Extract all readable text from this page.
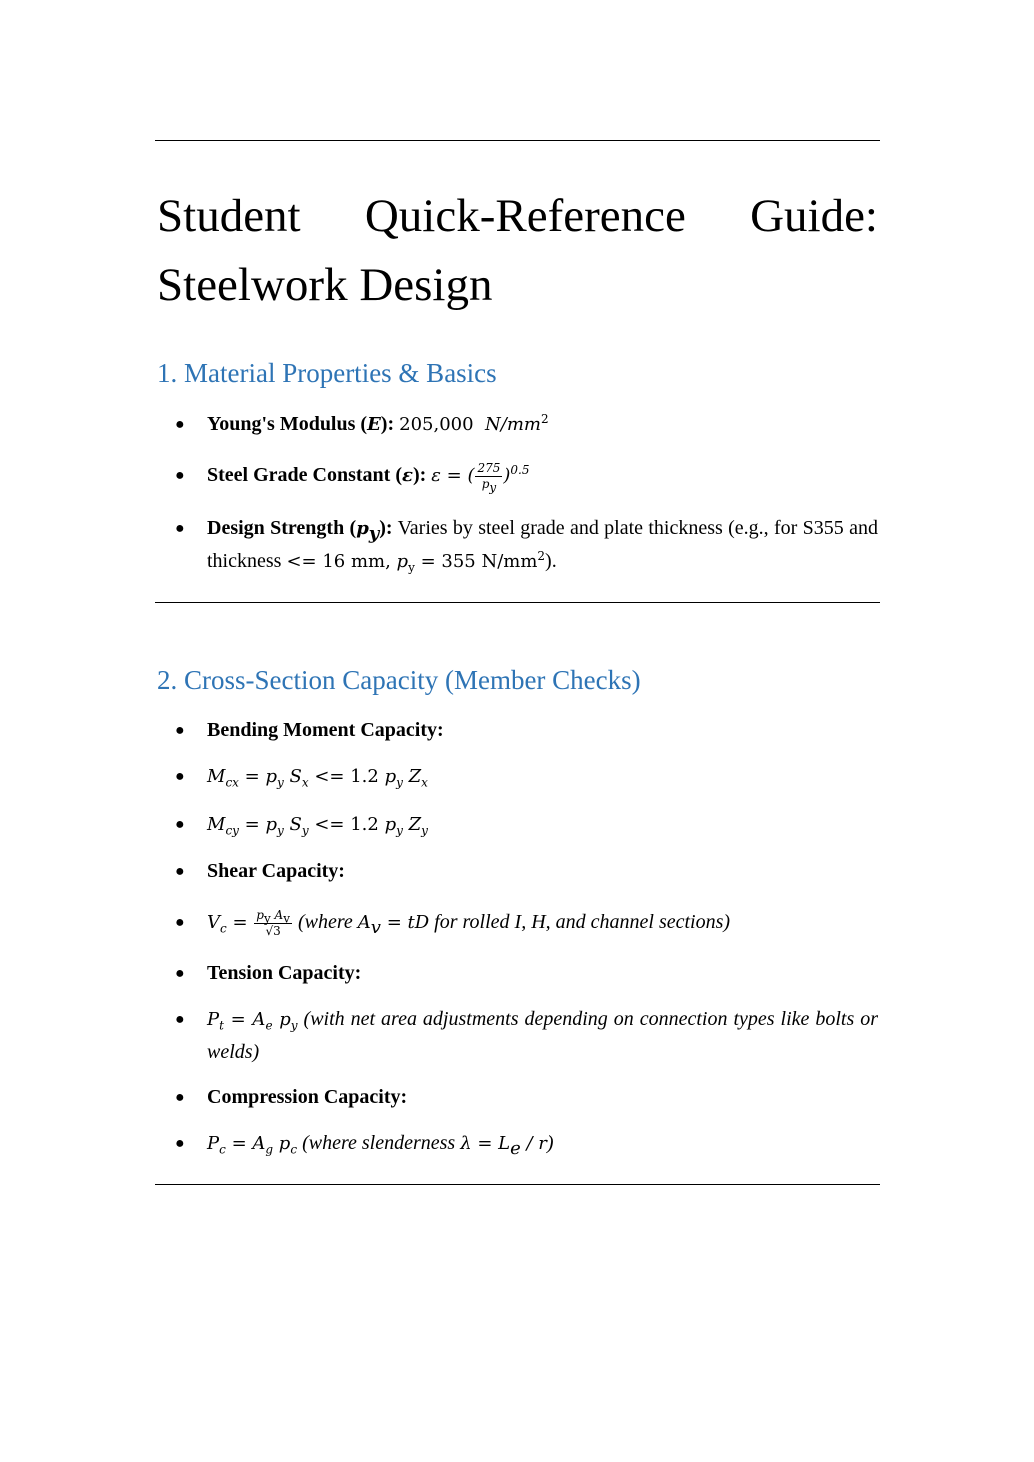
Student Quick-Reference Guide:
Steelwork Design
1. Material Properties & Basics
● Young's Modulus (E): 205,000 $N/mm^2$
● Steel Grade Constant (ε): ε = ( $\frac{275}{p_y} )^{0.5}$
● Design Strength $(p_y)$: Varies by steel grade and plate thickness (e.g., for S355 and thickness <= 16 mm, $p_y = 355$ $N/mm^2$).
2. Cross-Section Capacity (Member Checks)
● Bending Moment Capacity:
● $M_{cx} = p_y$ $S_x <= 1.2$ $p_y$ $Z_x$
● $M_{cy} = p_y$ $S_y <= 1.2$ $p_y$ $Z_y$
● Shear Capacity:
● $V_c = \frac{p_y A_v}{√3}$ (where $A_v$ = tD for rolled I, H, and channel sections)
● Tension Capacity:
● $P_t = A_e$ $p_y$ (with net area adjustments depending on connection types like bolts or welds)
● Compression Capacity:
● $P_c = A_g$ $p_c$ (where slenderness $\lambda = L_e / r$)
